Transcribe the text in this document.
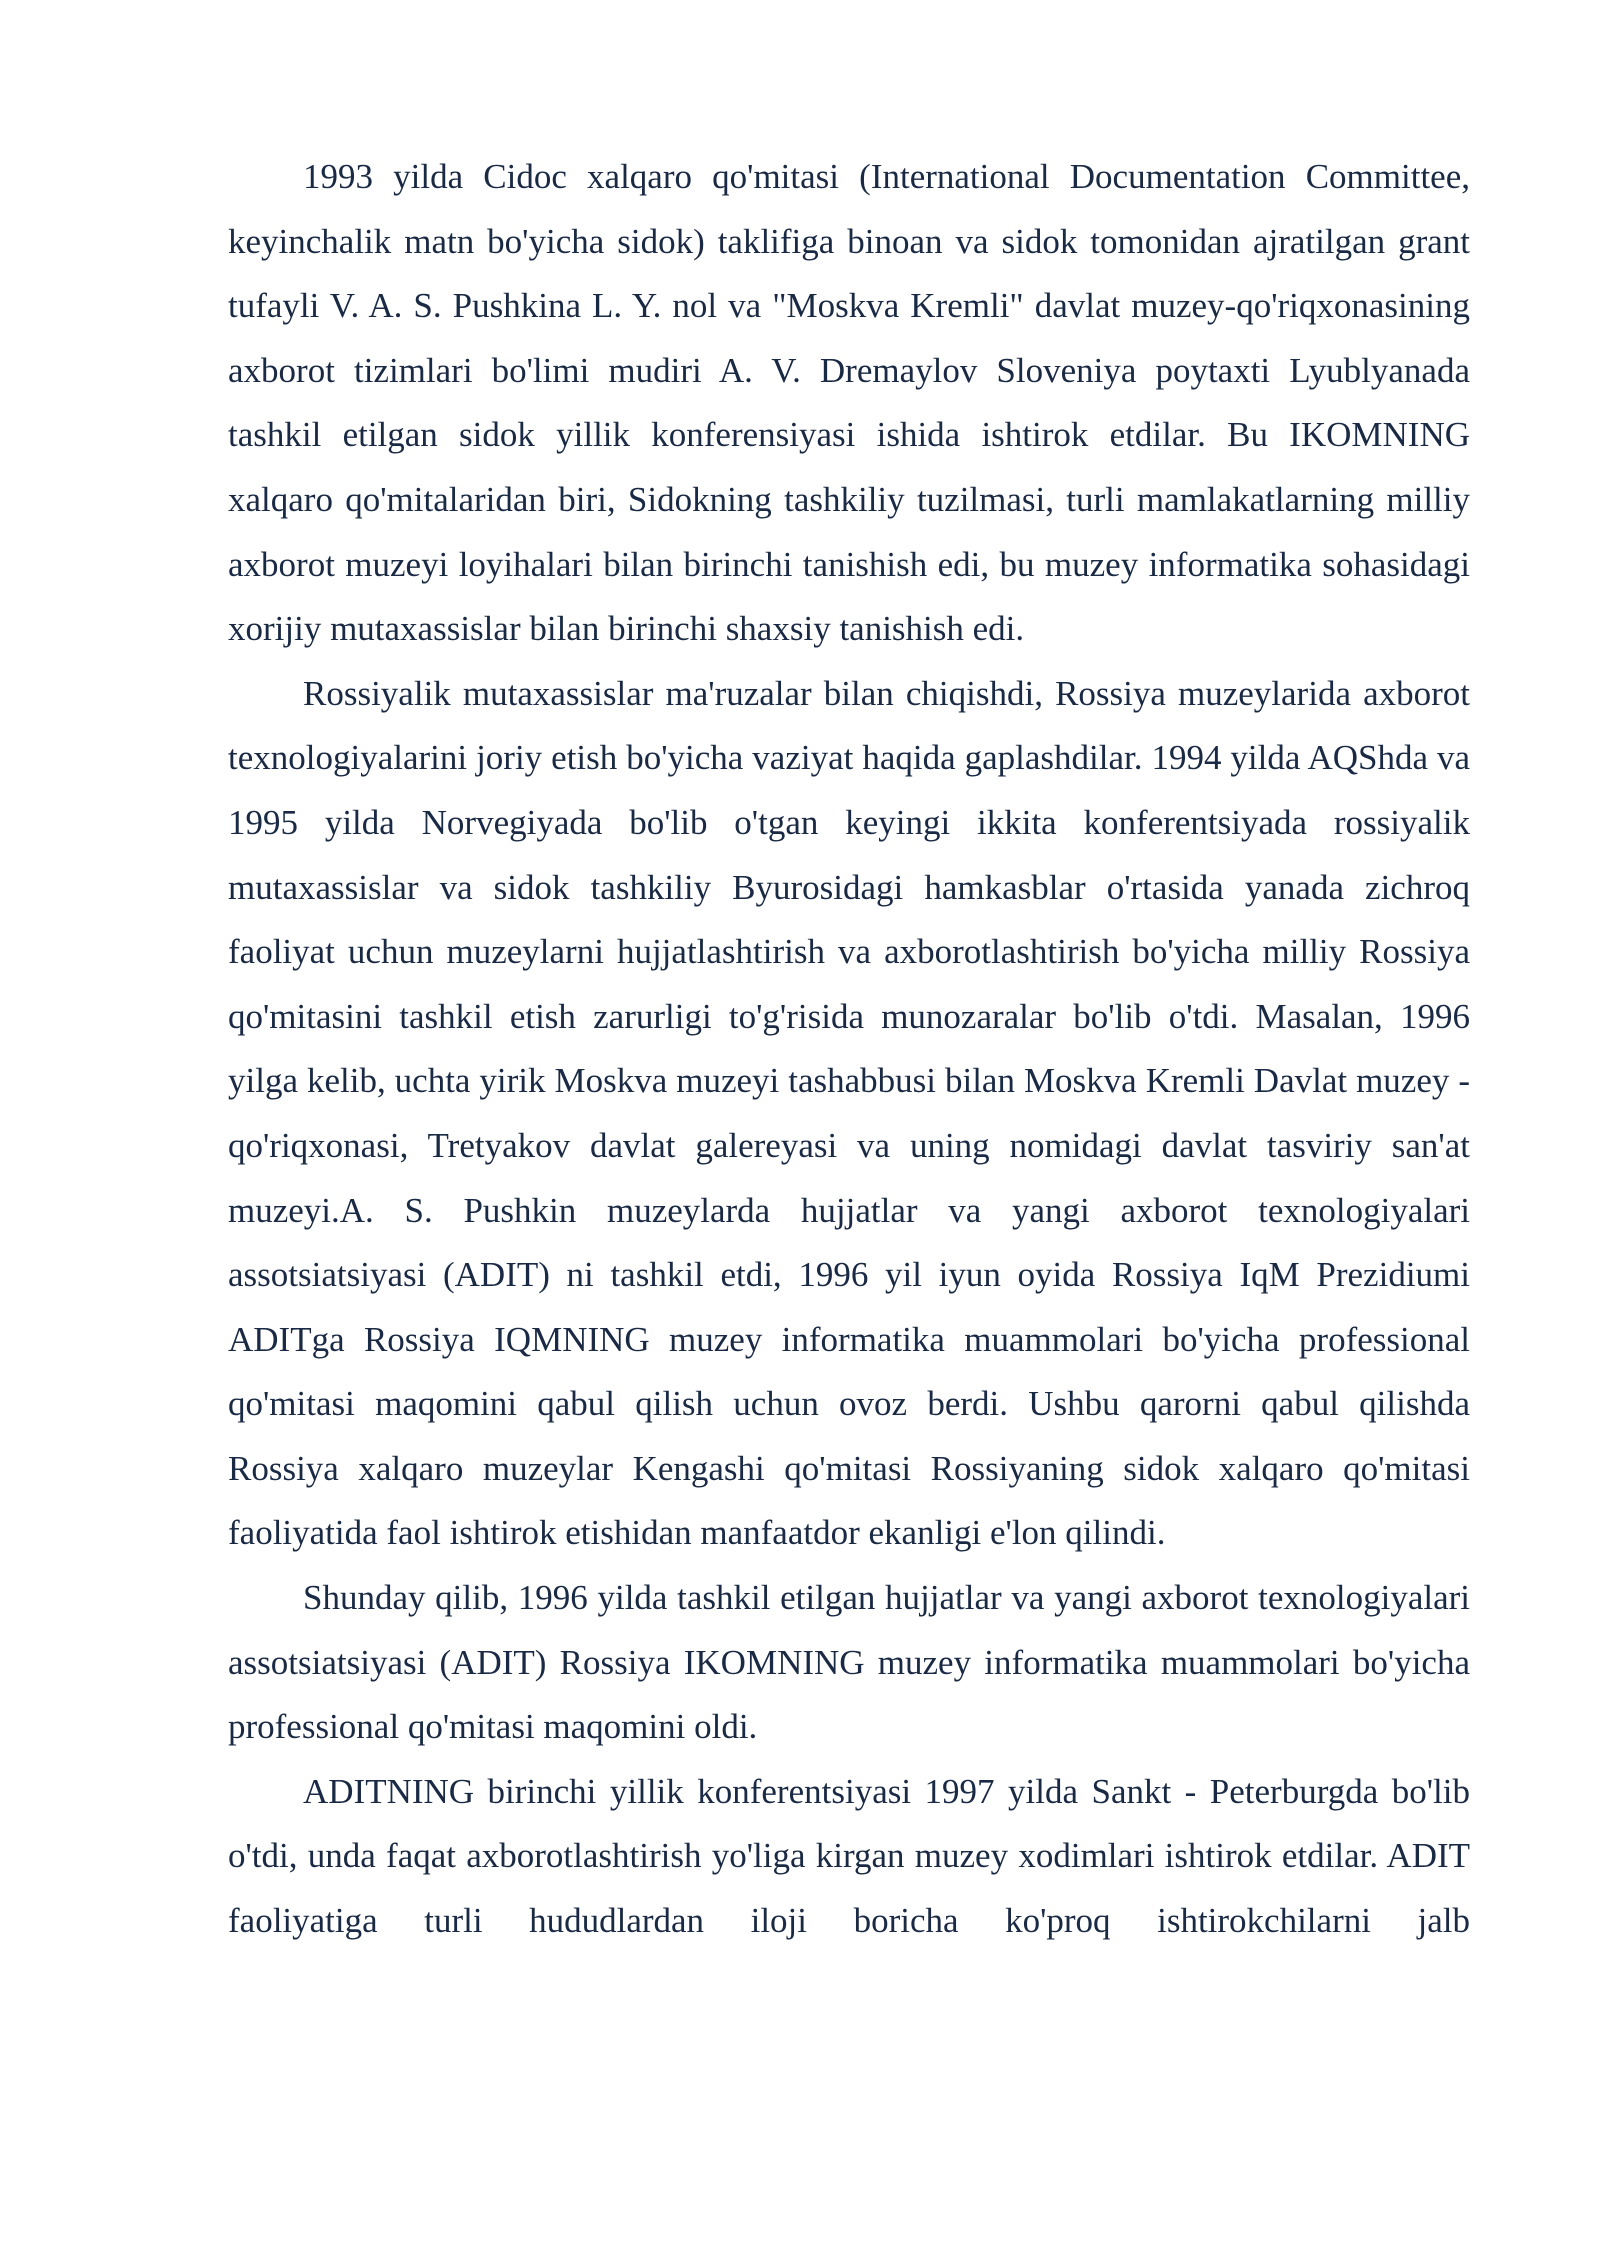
1993 yilda Cidoc xalqaro qo'mitasi (International Documentation Committee, keyinchalik matn bo'yicha sidok) taklifiga binoan va sidok tomonidan ajratilgan grant tufayli V. A. S. Pushkina L. Y. nol va "Moskva Kremli" davlat muzey-qo'riqxonasining axborot tizimlari bo'limi mudiri A. V. Dremaylov Sloveniya poytaxti Lyublyanada tashkil etilgan sidok yillik konferensiyasi ishida ishtirok etdilar. Bu IKOMNING xalqaro qo'mitalaridan biri, Sidokning tashkiliy tuzilmasi, turli mamlakatlarning milliy axborot muzeyi loyihalari bilan birinchi tanishish edi, bu muzey informatika sohasidagi xorijiy mutaxassislar bilan birinchi shaxsiy tanishish edi.

Rossiyalik mutaxassislar ma'ruzalar bilan chiqishdi, Rossiya muzeylarida axborot texnologiyalarini joriy etish bo'yicha vaziyat haqida gaplashdilar. 1994 yilda AQShda va 1995 yilda Norvegiyada bo'lib o'tgan keyingi ikkita konferentsiyada rossiyalik mutaxassislar va sidok tashkiliy Byurosidagi hamkasblar o'rtasida yanada zichroq faoliyat uchun muzeylarni hujjatlashtirish va axborotlashtirish bo'yicha milliy Rossiya qo'mitasini tashkil etish zarurligi to'g'risida munozaralar bo'lib o'tdi. Masalan, 1996 yilga kelib, uchta yirik Moskva muzeyi tashabbusi bilan Moskva Kremli Davlat muzey - qo'riqxonasi, Tretyakov davlat galereyasi va uning nomidagi davlat tasviriy san'at muzeyi.A. S. Pushkin muzeylarda hujjatlar va yangi axborot texnologiyalari assotsiatsiyasi (ADIT) ni tashkil etdi, 1996 yil iyun oyida Rossiya IqM Prezidiumi ADITga Rossiya IQMNING muzey informatika muammolari bo'yicha professional qo'mitasi maqomini qabul qilish uchun ovoz berdi. Ushbu qarorni qabul qilishda Rossiya xalqaro muzeylar Kengashi qo'mitasi Rossiyaning sidok xalqaro qo'mitasi faoliyatida faol ishtirok etishidan manfaatdor ekanligi e'lon qilindi.

Shunday qilib, 1996 yilda tashkil etilgan hujjatlar va yangi axborot texnologiyalari assotsiatsiyasi (ADIT) Rossiya IKOMNING muzey informatika muammolari bo'yicha professional qo'mitasi maqomini oldi.

ADITNING birinchi yillik konferentsiyasi 1997 yilda Sankt - Peterburgda bo'lib o'tdi, unda faqat axborotlashtirish yo'liga kirgan muzey xodimlari ishtirok etdilar. ADIT faoliyatiga turli hududlardan iloji boricha ko'proq ishtirokchilarni jalb
